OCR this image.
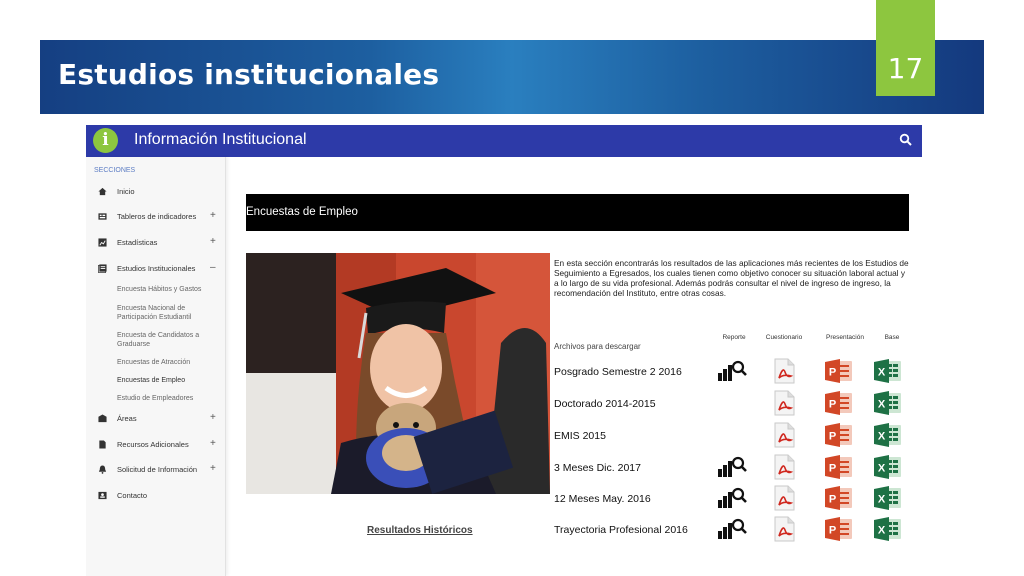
Estudios institucionales	17
i	Información Institucional
SECCIONES
Inicio
Tableros de indicadores +
Estadísticas	+
Estudios Institucionales –
Encuesta Hábitos y Gastos
Encuesta Nacional de Participación Estudiantil
Encuesta de Candidatos a Graduarse
Encuestas de Atracción
Encuestas de Empleo
Estudio de Empleadores
Áreas	+
Recursos Adicionales +
Solicitud de Información +
Contacto
Encuestas de Empleo
En esta sección encontrarás los resultados de las aplicaciones más recientes de los Estudios de Seguimiento a Egresados, los cuales tienen como objetivo conocer su situación laboral actual y a lo largo de su vida profesional. Además podrás consultar el nivel de ingreso de ingreso, la recomendación del Instituto, entre otras cosas.
Reporte	Cuestionario	Presentación	Base
Archivos para descargar
Posgrado Semestre 2 2016	P	X
Doctorado 2014-2015	P	X
EMIS 2015	P	X
3 Meses Dic. 2017	P	X
12 Meses May. 2016	P	X
Trayectoria Profesional 2016	P	X
Resultados Históricos
